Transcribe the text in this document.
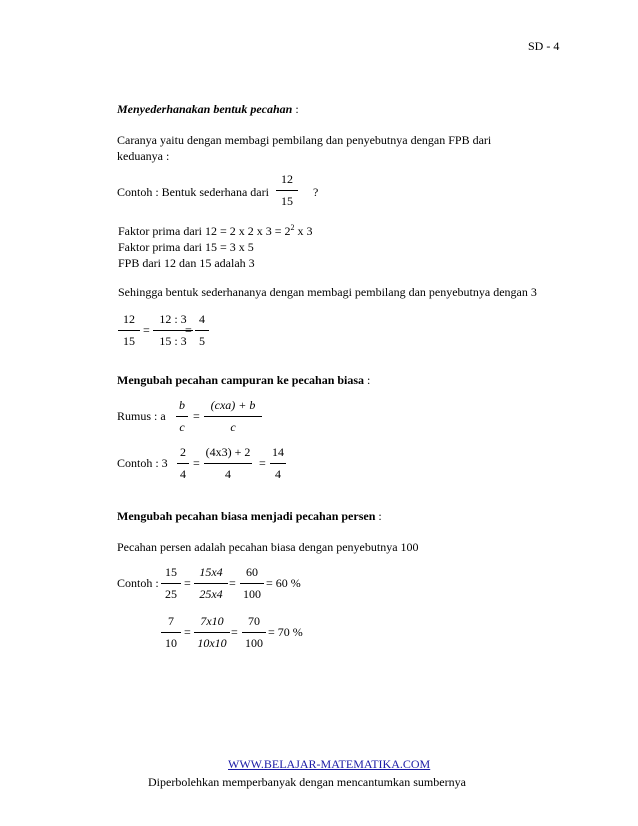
SD - 4
Menyederhanakan bentuk pecahan :
Caranya yaitu dengan membagi pembilang dan penyebutnya dengan FPB dari
keduanya :
Contoh : Bentuk sederhana dari
12
15
?
Faktor prima dari 12 = 2 x 2 x $3 = 2^2$ x 3
Faktor prima dari 15 = 3 x 5
FPB dari 12 dan 15 adalah 3
Sehingga bentuk sederhananya dengan membagi pembilang dan penyebutnya dengan 3
12
15
=
12 : 3
15 : 3
=
4
5
Mengubah pecahan campuran ke pecahan biasa :
Rumus : a
b
c
=
(cxa) + b
c
Contoh : 3
2
4
=
(4x3) + 2
4
=
14
4
Mengubah pecahan biasa menjadi pecahan persen :
Pecahan persen adalah pecahan biasa dengan penyebutnya 100
Contoh :
15
25
=
15x4
25x4
=
60
100
= 60 %
7
10
=
7x10
10x10
=
70
100
= 70 %
WWW.BELAJAR-MATEMATIKA.COM
Diperbolehkan memperbanyak dengan mencantumkan sumbernya
